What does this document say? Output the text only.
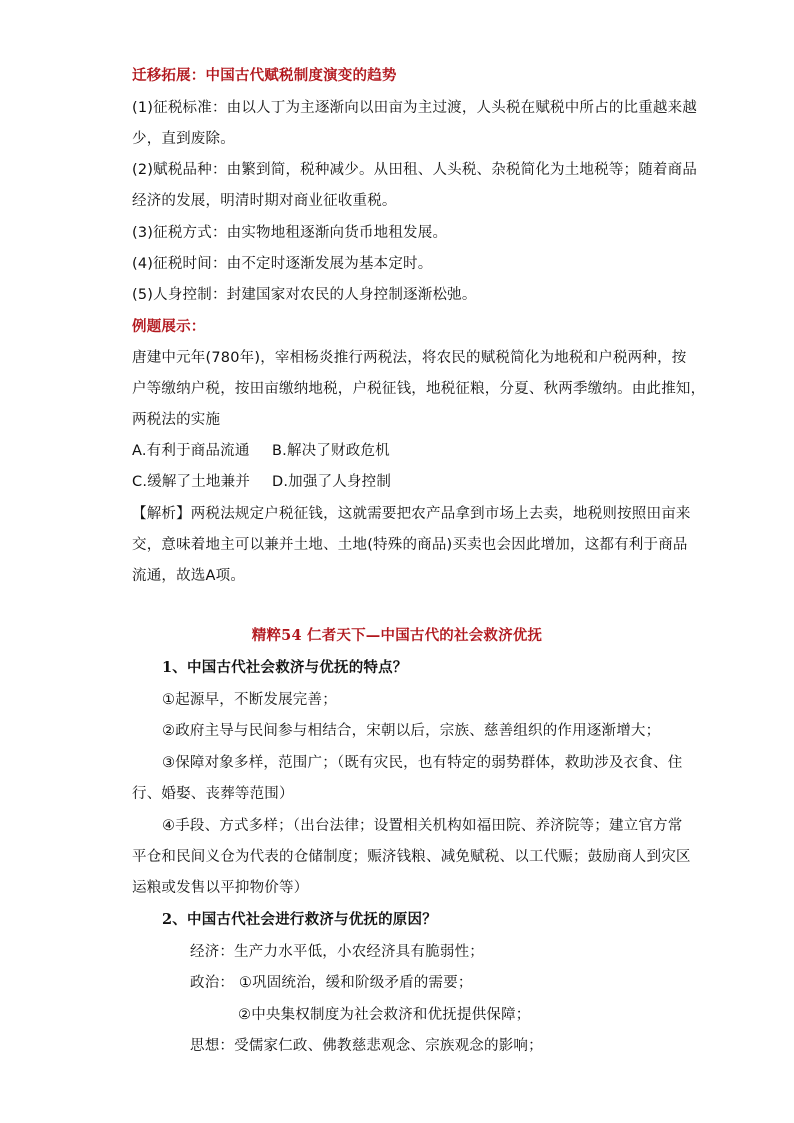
迁移拓展：中国古代赋税制度演变的趋势
(1)征税标准：由以人丁为主逐渐向以田亩为主过渡，人头税在赋税中所占的比重越来越
少，直到废除。
(2)赋税品种：由繁到简，税种减少。从田租、人头税、杂税简化为土地税等；随着商品
经济的发展，明清时期对商业征收重税。
(3)征税方式：由实物地租逐渐向货币地租发展。
(4)征税时间：由不定时逐渐发展为基本定时。
(5)人身控制：封建国家对农民的人身控制逐渐松弛。
例题展示：
唐建中元年(780年)，宰相杨炎推行两税法，将农民的赋税简化为地税和户税两种，按
户等缴纳户税，按田亩缴纳地税，户税征钱，地税征粮，分夏、秋两季缴纳。由此推知，
两税法的实施
A.有利于商品流通 B.解决了财政危机
C.缓解了土地兼并 D.加强了人身控制
【解析】两税法规定户税征钱，这就需要把农产品拿到市场上去卖，地税则按照田亩来
交，意味着地主可以兼并土地、土地(特殊的商品)买卖也会因此增加，这都有利于商品
流通，故选A项。
精粹54 仁者天下—中国古代的社会救济优抚
1、中国古代社会救济与优抚的特点？
①起源早，不断发展完善；
②政府主导与民间参与相结合，宋朝以后，宗族、慈善组织的作用逐渐增大；
③保障对象多样，范围广；（既有灾民，也有特定的弱势群体，救助涉及衣食、住
行、婚娶、丧葬等范围）
④手段、方式多样；（出台法律；设置相关机构如福田院、养济院等；建立官方常
平仓和民间义仓为代表的仓储制度；赈济钱粮、减免赋税、以工代赈；鼓励商人到灾区
运粮或发售以平抑物价等）
2、中国古代社会进行救济与优抚的原因？
经济：生产力水平低，小农经济具有脆弱性；
政治： ①巩固统治，缓和阶级矛盾的需要；
②中央集权制度为社会救济和优抚提供保障；
思想：受儒家仁政、佛教慈悲观念、宗族观念的影响；
